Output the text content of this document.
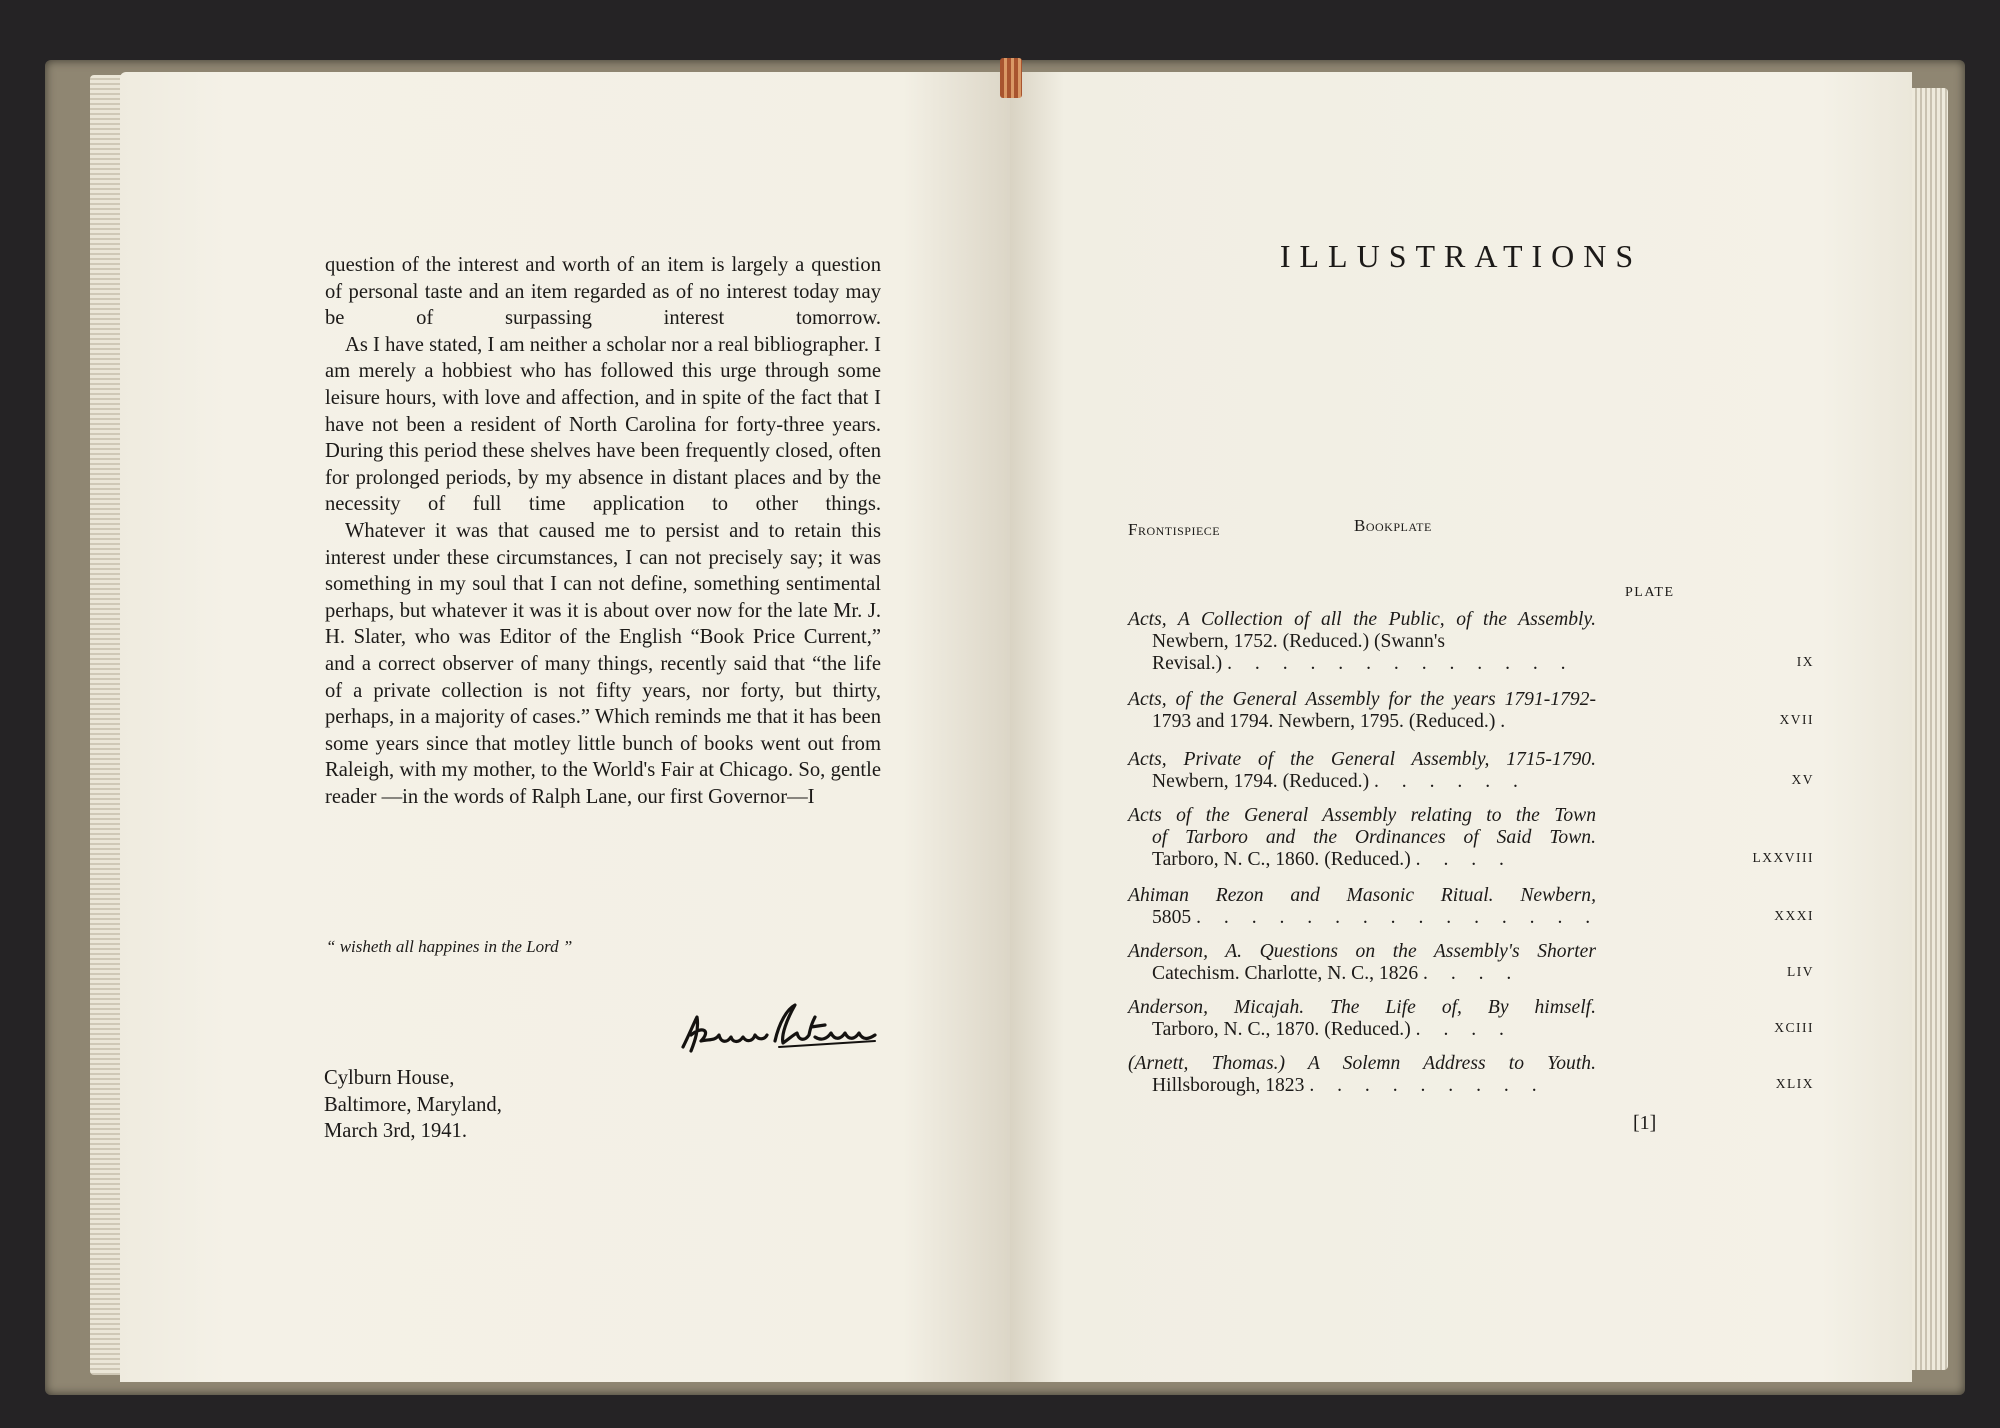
question of the interest and worth of an item is largely a question of personal taste and an item regarded as of no interest today may be of surpassing interest tomorrow.

As I have stated, I am neither a scholar nor a real bibliographer. I am merely a hobbiest who has followed this urge through some leisure hours, with love and affection, and in spite of the fact that I have not been a resident of North Carolina for forty-three years. During this period these shelves have been frequently closed, often for prolonged periods, by my absence in distant places and by the necessity of full time application to other things.

Whatever it was that caused me to persist and to retain this interest under these circumstances, I can not precisely say; it was something in my soul that I can not define, something sentimental perhaps, but whatever it was it is about over now for the late Mr. J. H. Slater, who was Editor of the English “Book Price Current,” and a correct observer of many things, recently said that “the life of a private collection is not fifty years, nor forty, but thirty, perhaps, in a majority of cases.” Which reminds me that it has been some years since that motley little bunch of books went out from Raleigh, with my mother, to the World's Fair at Chicago. So, gentle reader —in the words of Ralph Lane, our first Governor—I

“ wisheth all happines in the Lord ”
Cylburn House,
Baltimore, Maryland,
March 3rd, 1941.
ILLUSTRATIONS
Frontispiece	Bookplate
PLATE
Acts, A Collection of all the Public, of the Assembly.
Newbern, 1752. (Reduced.) (Swann's
Revisal.) . . . . . . . . . . . . .	IX
Acts, of the General Assembly for the years 1791-1792-
1793 and 1794. Newbern, 1795. (Reduced.) .	XVII
Acts, Private of the General Assembly, 1715-1790.
Newbern, 1794. (Reduced.) . . . . . .	XV
Acts of the General Assembly relating to the Town
of Tarboro and the Ordinances of Said Town.
Tarboro, N. C., 1860. (Reduced.) . . . .	LXXVIII
Ahiman Rezon and Masonic Ritual. Newbern,
5805 . . . . . . . . . . . . . . .	XXXI
Anderson, A. Questions on the Assembly's Shorter
Catechism. Charlotte, N. C., 1826 . . . .	LIV
Anderson, Micajah. The Life of, By himself.
Tarboro, N. C., 1870. (Reduced.) . . . .	XCIII
(Arnett, Thomas.) A Solemn Address to Youth.
Hillsborough, 1823 . . . . . . . . .	XLIX
[1]
